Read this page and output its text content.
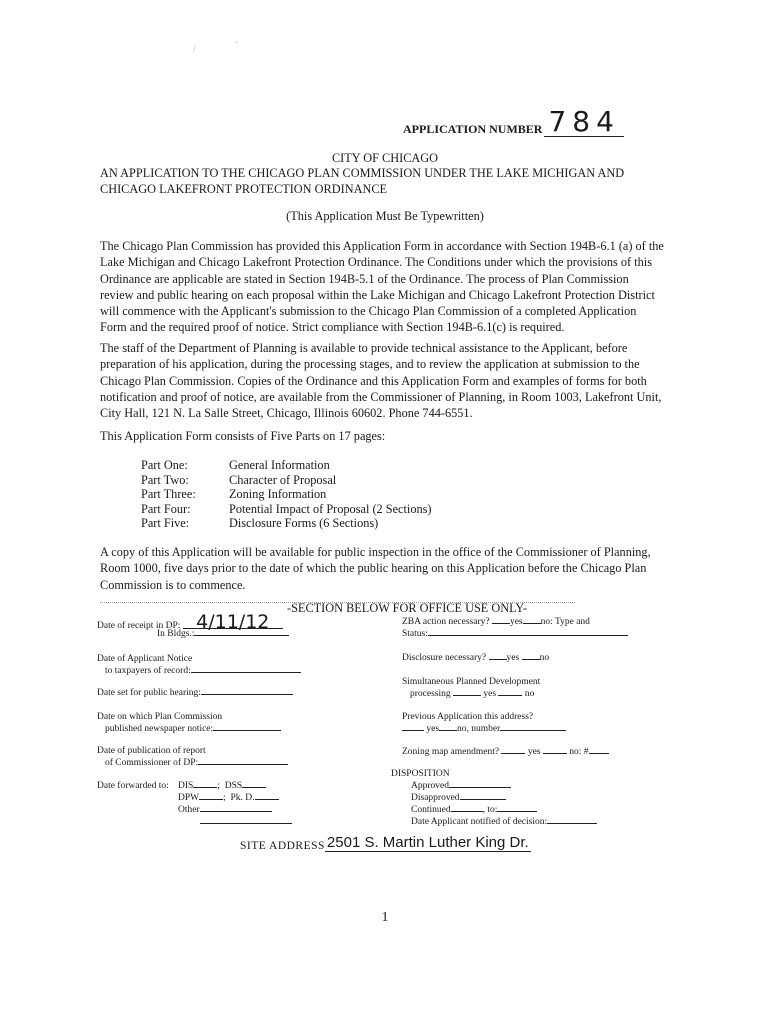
/	'
APPLICATION NUMBER 784
CITY OF CHICAGO
AN APPLICATION TO THE CHICAGO PLAN COMMISSION UNDER THE LAKE MICHIGAN AND
CHICAGO LAKEFRONT PROTECTION ORDINANCE
(This Application Must Be Typewritten)
The Chicago Plan Commission has provided this Application Form in accordance with Section 194B-6.1 (a) of the Lake Michigan and Chicago Lakefront Protection Ordinance. The Conditions under which the provisions of this Ordinance are applicable are stated in Section 194B-5.1 of the Ordinance. The process of Plan Commission review and public hearing on each proposal within the Lake Michigan and Chicago Lakefront Protection District will commence with the Applicant's submission to the Chicago Plan Commission of a completed Application Form and the required proof of notice. Strict compliance with Section 194B-6.1(c) is required.
The staff of the Department of Planning is available to provide technical assistance to the Applicant, before preparation of his application, during the processing stages, and to review the application at submission to the Chicago Plan Commission. Copies of the Ordinance and this Application Form and examples of forms for both notification and proof of notice, are available from the Commissioner of Planning, in Room 1003, Lakefront Unit, City Hall, 121 N. La Salle Street, Chicago, Illinois 60602. Phone 744-6551.
This Application Form consists of Five Parts on 17 pages:
Part One:	General Information
Part Two:	Character of Proposal
Part Three:	Zoning Information
Part Four:	Potential Impact of Proposal (2 Sections)
Part Five:	Disclosure Forms (6 Sections)
A copy of this Application will be available for public inspection in the office of the Commissioner of Planning, Room 1000, five days prior to the date of which the public hearing on this Application before the Chicago Plan Commission is to commence.
-SECTION BELOW FOR OFFICE USE ONLY-
Date of receipt in DP: 4/11/12
In Bldgs.:
Date of Applicant Notice
to taxpayers of record:
Date set for public hearing:
Date on which Plan Commission
published newspaper notice:
Date of publication of report
of Commissioner of DP:
Date forwarded to: DIS	;  DSS
DPW	;  Pk. D.
Other
ZBA action necessary? yes no: Type and
Status:
Disclosure necessary? yes no
Simultaneous Planned Development
processing	yes	no
Previous Application this address?
yes no, number
Zoning map amendment?	yes	no: #
DISPOSITION
Approved
Disapproved
Continued	, to:
Date Applicant notified of decision:
SITE ADDRESS 2501 S. Martin Luther King Dr.
1
